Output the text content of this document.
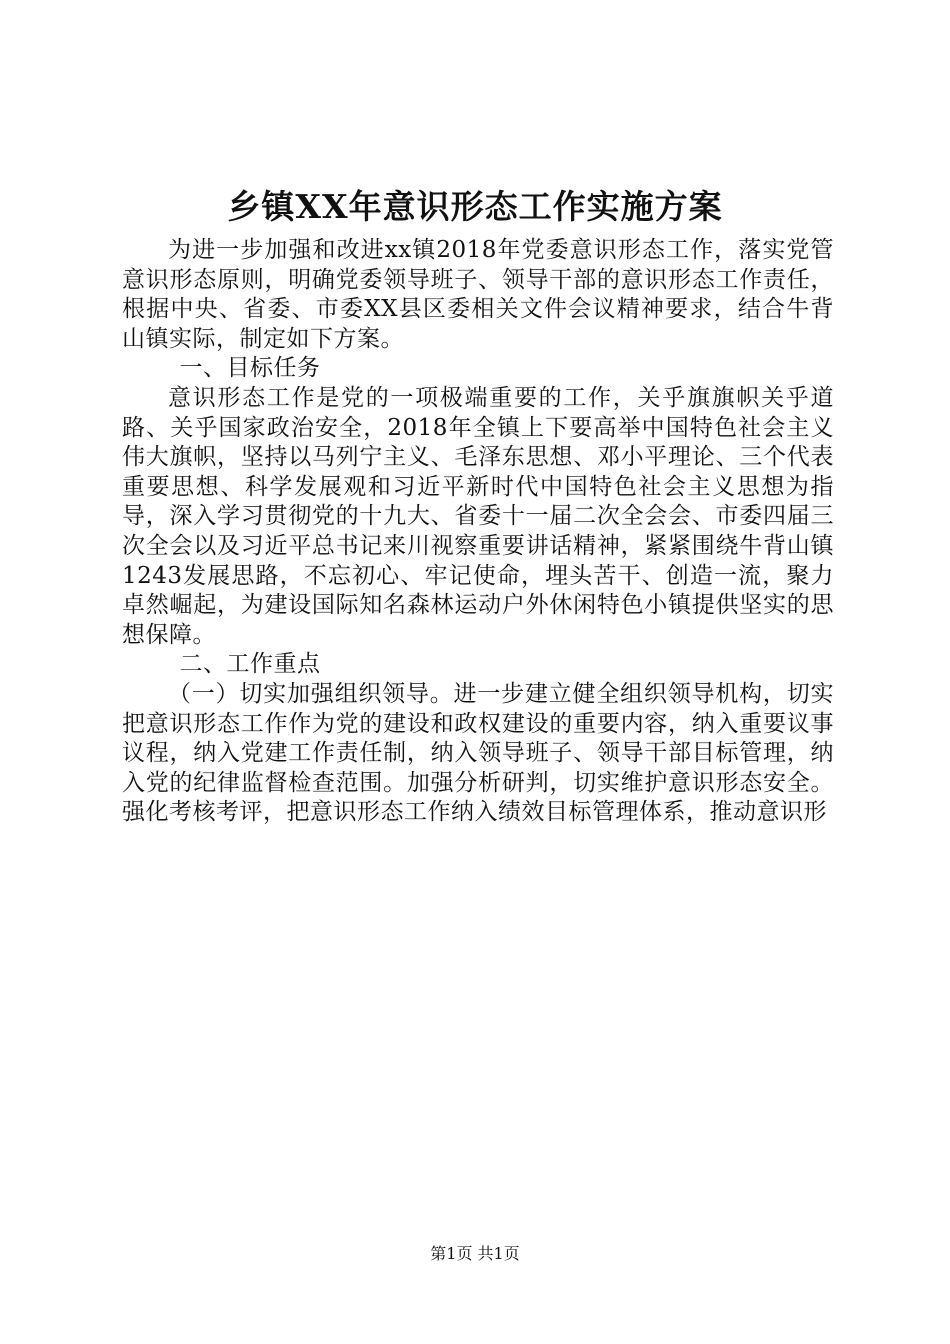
乡镇XX年意识形态工作实施方案

为进一步加强和改进xx镇2018年党委意识形态工作，落实党管意识形态原则，明确党委领导班子、领导干部的意识形态工作责任，根据中央、省委、市委XX县区委相关文件会议精神要求，结合牛背山镇实际，制定如下方案。

一、目标任务

意识形态工作是党的一项极端重要的工作，关乎旗旗帜关乎道路、关乎国家政治安全，2018年全镇上下要高举中国特色社会主义伟大旗帜，坚持以马列宁主义、毛泽东思想、邓小平理论、三个代表重要思想、科学发展观和习近平新时代中国特色社会主义思想为指导，深入学习贯彻党的十九大、省委十一届二次全会会、市委四届三次全会以及习近平总书记来川视察重要讲话精神，紧紧围绕牛背山镇1243发展思路，不忘初心、牢记使命，埋头苦干、创造一流，聚力卓然崛起，为建设国际知名森林运动户外休闲特色小镇提供坚实的思想保障。

二、工作重点

（一）切实加强组织领导。进一步建立健全组织领导机构，切实把意识形态工作作为党的建设和政权建设的重要内容，纳入重要议事议程，纳入党建工作责任制，纳入领导班子、领导干部目标管理，纳入党的纪律监督检查范围。加强分析研判，切实维护意识形态安全。强化考核考评，把意识形态工作纳入绩效目标管理体系，推动意识形

第1页 共1页
